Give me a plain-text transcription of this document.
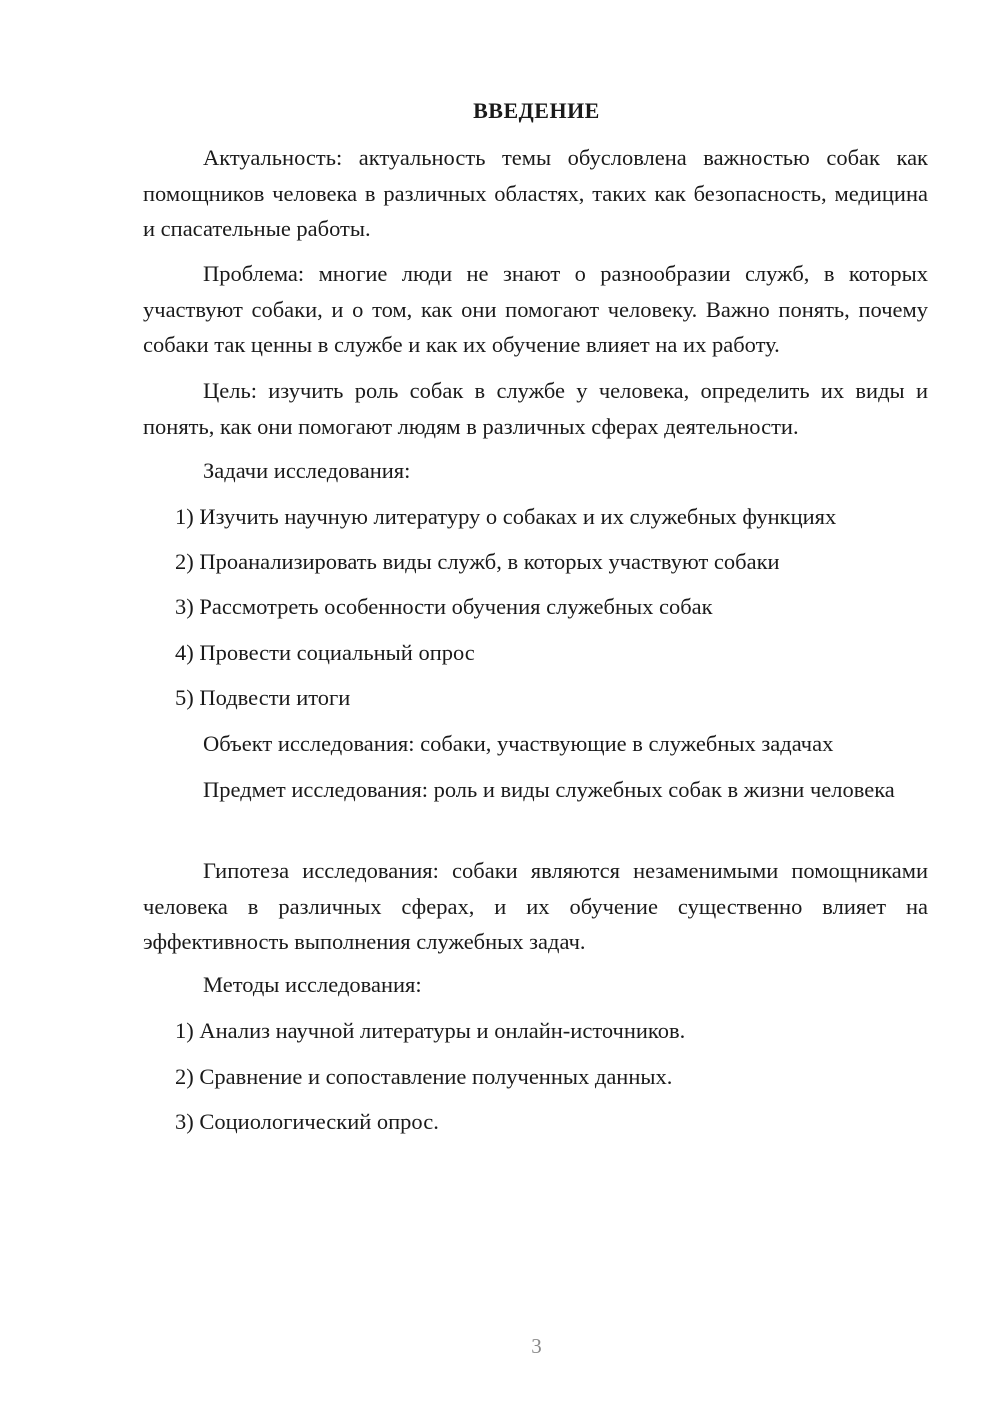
ВВЕДЕНИЕ

Актуальность: актуальность темы обусловлена важностью собак как помощников человека в различных областях, таких как безопасность, медицина и спасательные работы.

Проблема: многие люди не знают о разнообразии служб, в которых участвуют собаки, и о том, как они помогают человеку. Важно понять, почему собаки так ценны в службе и как их обучение влияет на их работу.

Цель: изучить роль собак в службе у человека, определить их виды и понять, как они помогают людям в различных сферах деятельности.

Задачи исследования:
1) Изучить научную литературу о собаках и их служебных функциях
2) Проанализировать виды служб, в которых участвуют собаки
3) Рассмотреть особенности обучения служебных собак
4) Провести социальный опрос
5) Подвести итоги
Объект исследования: собаки, участвующие в служебных задачах

Предмет исследования: роль и виды служебных собак в жизни человека

Гипотеза исследования: собаки являются незаменимыми помощниками человека в различных сферах, и их обучение существенно влияет на эффективность выполнения служебных задач.

Методы исследования:
1) Анализ научной литературы и онлайн-источников.
2) Сравнение и сопоставление полученных данных.
3) Социологический опрос.
3
